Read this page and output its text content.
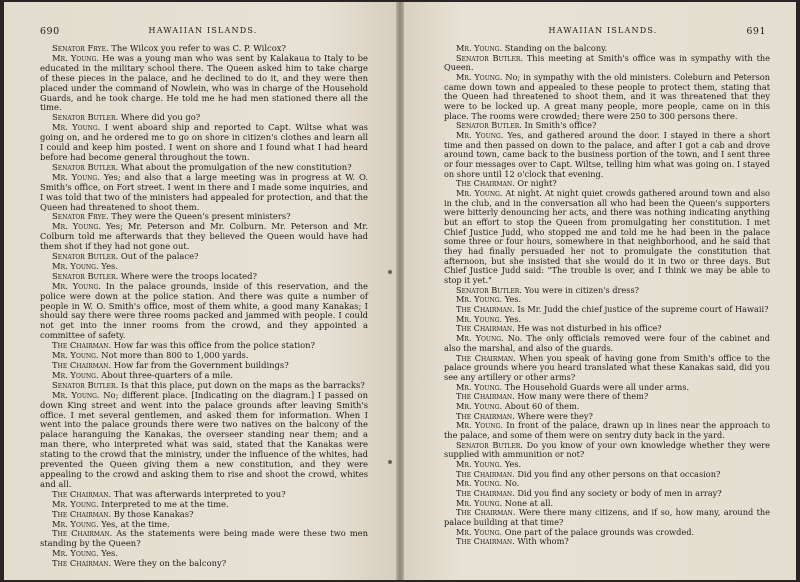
690	HAWAIIAN ISLANDS.

Senator Frye. The Wilcox you refer to was C. P. Wilcox?

Mr. Young. He was a young man who was sent by Kalakaua to Italy to be educated in the military school there. The Queen asked him to take charge of these pieces in the palace, and he declined to do it, and they were then placed under the command of Nowlein, who was in charge of the Household Guards, and he took charge. He told me he had men stationed there all the time.

Senator Butler. Where did you go?

Mr. Young. I went aboard ship and reported to Capt. Wiltse what was going on, and he ordered me to go on shore in citizen's clothes and learn all I could and keep him posted. I went on shore and I found what I had heard before had become general throughout the town.

Senator Butler. What about the promulgation of the new constitution?

Mr. Young. Yes; and also that a large meeting was in progress at W. O. Smith's office, on Fort street. I went in there and I made some inquiries, and I was told that two of the ministers had appealed for protection, and that the Queen had threatened to shoot them.

Senator Frye. They were the Queen's present ministers?

Mr. Young. Yes; Mr. Peterson and Mr. Colburn. Mr. Peterson and Mr. Colburn told me afterwards that they believed the Queen would have had them shot if they had not gone out.

Senator Butler. Out of the palace?

Mr. Young. Yes.

Senator Butler. Where were the troops located?

Mr. Young. In the palace grounds, inside of this reservation, and the police were down at the police station. And there was quite a number of people in W. O. Smith's office, most of them white, a good many Kanakas; I should say there were three rooms packed and jammed with people. I could not get into the inner rooms from the crowd, and they appointed a committee of safety.

The Chairman. How far was this office from the police station?

Mr. Young. Not more than 800 to 1,000 yards.

The Chairman. How far from the Government buildings?

Mr. Young. About three-quarters of a mile.

Senator Butler. Is that this place, put down on the maps as the barracks?

Mr. Young. No; different place. [Indicating on the diagram.] I passed on down King street and went into the palace grounds after leaving Smith's office. I met several gentlemen, and asked them for information. When I went into the palace grounds there were two natives on the balcony of the palace haranguing the Kanakas, the overseer standing near them; and a man there, who interpreted what was said, stated that the Kanakas were stating to the crowd that the ministry, under the influence of the whites, had prevented the Queen giving them a new constitution, and they were appealing to the crowd and asking them to rise and shoot the crowd, whites and all.

The Chairman. That was afterwards interpreted to you?

Mr. Young. Interpreted to me at the time.

The Chairman. By those Kanakas?

Mr. Young. Yes, at the time.

The Chairman. As the statements were being made were these two men standing by the Queen?

Mr. Young. Yes.

The Chairman. Were they on the balcony?

HAWAIIAN ISLANDS.	691

Mr. Young. Standing on the balcony.

Senator Butler. This meeting at Smith's office was in sympathy with the Queen.

Mr. Young. No; in sympathy with the old ministers. Coleburn and Peterson came down town and appealed to these people to protect them, stating that the Queen had threatened to shoot them, and it was threatened that they were to be locked up. A great many people, more people, came on in this place. The rooms were crowded; there were 250 to 300 persons there.

Senator Butler. In Smith's office?

Mr. Young. Yes, and gathered around the door. I stayed in there a short time and then passed on down to the palace, and after I got a cab and drove around town, came back to the business portion of the town, and I sent three or four messages over to Capt. Wiltse, telling him what was going on. I stayed on shore until 12 o'clock that evening.

The Chairman. Or night?

Mr. Young. At night. At night quiet crowds gathered around town and also in the club, and in the conversation all who had been the Queen's supporters were bitterly denouncing her acts, and there was nothing indicating anything but an effort to stop the Queen from promulgating her constitution. I met Chief Justice Judd, who stopped me and told me he had been in the palace some three or four hours, somewhere in that neighborhood, and he said that they had finally persuaded her not to promulgate the constitution that afternoon, but she insisted that she would do it in two or three days. But Chief Justice Judd said: "The trouble is over, and I think we may be able to stop it yet."

Senator Butler. You were in citizen's dress?

Mr. Young. Yes.

The Chairman. Is Mr. Judd the chief justice of the supreme court of Hawaii?

Mr. Young. Yes.

The Chairman. He was not disturbed in his office?

Mr. Young. No. The only officials removed were four of the cabinet and also the marshal, and also of the guards.

The Chairman. When you speak of having gone from Smith's office to the palace grounds where you heard translated what these Kanakas said, did you see any artillery or other arms?

Mr. Young. The Household Guards were all under arms.

The Chairman. How many were there of them?

Mr. Young. About 60 of them.

The Chairman. Where were they?

Mr. Young. In front of the palace, drawn up in lines near the approach to the palace, and some of them were on sentry duty back in the yard.

Senator Butler. Do you know of your own knowledge whether they were supplied with ammunition or not?

Mr. Young. Yes.

The Chairman. Did you find any other persons on that occasion?

Mr. Young. No.

The Chairman. Did you find any society or body of men in array?

Mr. Young. None at all.

The Chairman. Were there many citizens, and if so, how many, around the palace building at that time?

Mr. Young. One part of the palace grounds was crowded.

The Chairman. With whom?
